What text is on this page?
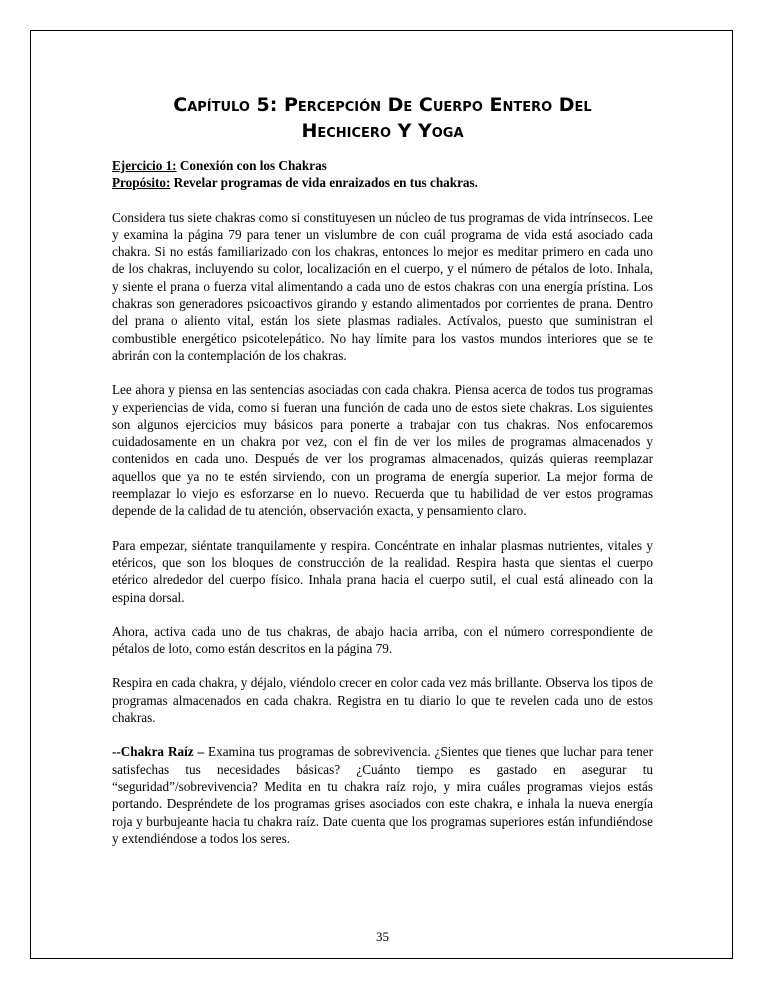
Capítulo 5: Percepción De Cuerpo Entero Del
Hechicero Y Yoga

Ejercicio 1: Conexión con los Chakras

Propósito: Revelar programas de vida enraizados en tus chakras.

Considera tus siete chakras como si constituyesen un núcleo de tus programas de vida intrínsecos. Lee y examina la página 79 para tener un vislumbre de con cuál programa de vida está asociado cada chakra. Si no estás familiarizado con los chakras, entonces lo mejor es meditar primero en cada uno de los chakras, incluyendo su color, localización en el cuerpo, y el número de pétalos de loto. Inhala, y siente el prana o fuerza vital alimentando a cada uno de estos chakras con una energía prístina. Los chakras son generadores psicoactivos girando y estando alimentados por corrientes de prana. Dentro del prana o aliento vital, están los siete plasmas radiales. Actívalos, puesto que suministran el combustible energético psicotelepático. No hay límite para los vastos mundos interiores que se te abrirán con la contemplación de los chakras.

Lee ahora y piensa en las sentencias asociadas con cada chakra. Piensa acerca de todos tus programas y experiencias de vida, como si fueran una función de cada uno de estos siete chakras. Los siguientes son algunos ejercicios muy básicos para ponerte a trabajar con tus chakras. Nos enfocaremos cuidadosamente en un chakra por vez, con el fin de ver los miles de programas almacenados y contenidos en cada uno. Después de ver los programas almacenados, quizás quieras reemplazar aquellos que ya no te estén sirviendo, con un programa de energía superior. La mejor forma de reemplazar lo viejo es esforzarse en lo nuevo. Recuerda que tu habilidad de ver estos programas depende de la calidad de tu atención, observación exacta, y pensamiento claro.

Para empezar, siéntate tranquilamente y respira. Concéntrate en inhalar plasmas nutrientes, vitales y etéricos, que son los bloques de construcción de la realidad. Respira hasta que sientas el cuerpo etérico alrededor del cuerpo físico. Inhala prana hacia el cuerpo sutil, el cual está alineado con la espina dorsal.

Ahora, activa cada uno de tus chakras, de abajo hacia arriba, con el número correspondiente de pétalos de loto, como están descritos en la página 79.

Respira en cada chakra, y déjalo, viéndolo crecer en color cada vez más brillante. Observa los tipos de programas almacenados en cada chakra. Registra en tu diario lo que te revelen cada uno de estos chakras.

--Chakra Raíz – Examina tus programas de sobrevivencia. ¿Sientes que tienes que luchar para tener satisfechas tus necesidades básicas? ¿Cuánto tiempo es gastado en asegurar tu “seguridad”/sobrevivencia? Medita en tu chakra raíz rojo, y mira cuáles programas viejos estás portando. Despréndete de los programas grises asociados con este chakra, e inhala la nueva energía roja y burbujeante hacia tu chakra raíz. Date cuenta que los programas superiores están infundiéndose y extendiéndose a todos los seres.

35
